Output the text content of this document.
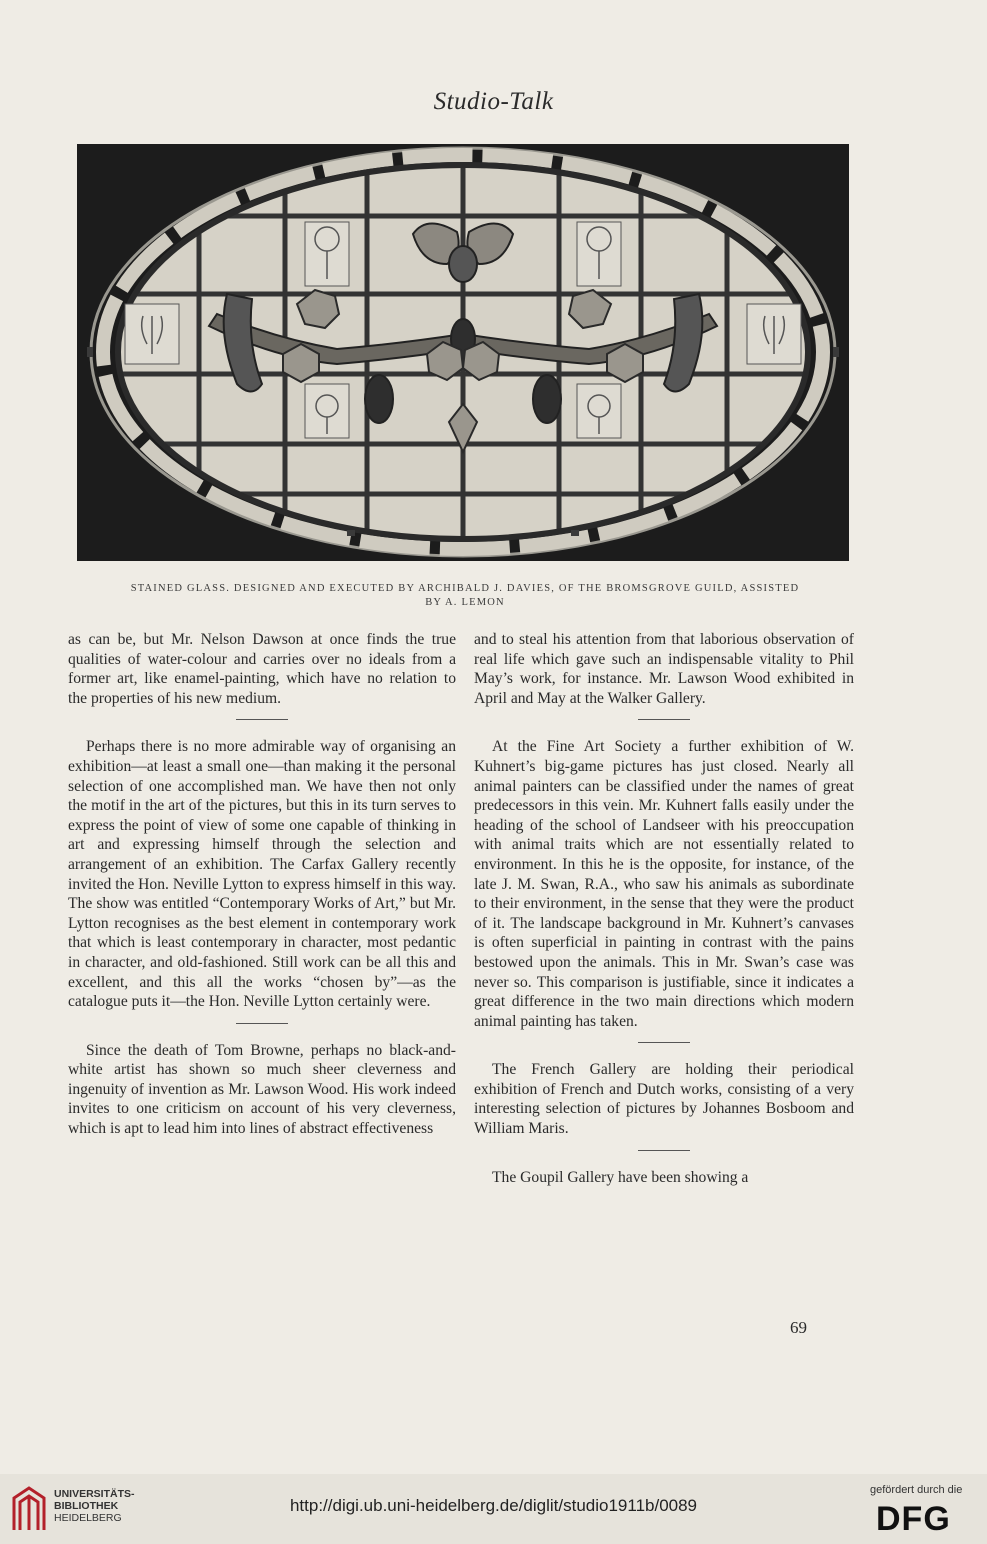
Studio-Talk
STAINED GLASS. DESIGNED AND EXECUTED BY ARCHIBALD J. DAVIES, OF THE BROMSGROVE GUILD, ASSISTED
BY A. LEMON

as can be, but Mr. Nelson Dawson at once finds the true qualities of water-colour and carries over no ideals from a former art, like enamel-painting, which have no relation to the properties of his new medium.

Perhaps there is no more admirable way of organising an exhibition—at least a small one—than making it the personal selection of one accomplished man. We have then not only the motif in the art of the pictures, but this in its turn serves to express the point of view of some one capable of thinking in art and expressing himself through the selection and arrangement of an exhibition. The Carfax Gallery recently invited the Hon. Neville Lytton to express himself in this way. The show was entitled “Contemporary Works of Art,” but Mr. Lytton recognises as the best element in contemporary work that which is least contemporary in character, most pedantic in character, and old-fashioned. Still work can be all this and excellent, and this all the works “chosen by”—as the catalogue puts it—the Hon. Neville Lytton certainly were.

Since the death of Tom Browne, perhaps no black-and-white artist has shown so much sheer cleverness and ingenuity of invention as Mr. Lawson Wood. His work indeed invites to one criticism on account of his very cleverness, which is apt to lead him into lines of abstract effectiveness

and to steal his attention from that laborious observation of real life which gave such an indispensable vitality to Phil May’s work, for instance. Mr. Lawson Wood exhibited in April and May at the Walker Gallery.

At the Fine Art Society a further exhibition of W. Kuhnert’s big-game pictures has just closed. Nearly all animal painters can be classified under the names of great predecessors in this vein. Mr. Kuhnert falls easily under the heading of the school of Landseer with his preoccupation with animal traits which are not essentially related to environment. In this he is the opposite, for instance, of the late J. M. Swan, R.A., who saw his animals as subordinate to their environment, in the sense that they were the product of it. The landscape background in Mr. Kuhnert’s canvases is often superficial in painting in contrast with the pains bestowed upon the animals. This in Mr. Swan’s case was never so. This comparison is justifiable, since it indicates a great difference in the two main directions which modern animal painting has taken.

The French Gallery are holding their periodical exhibition of French and Dutch works, consisting of a very interesting selection of pictures by Johannes Bosboom and William Maris.

The Goupil Gallery have been showing a

69
UNIVERSITÄTS-
BIBLIOTHEK
HEIDELBERG
http://digi.ub.uni-heidelberg.de/diglit/studio1911b/0089
gefördert durch die
DFG
